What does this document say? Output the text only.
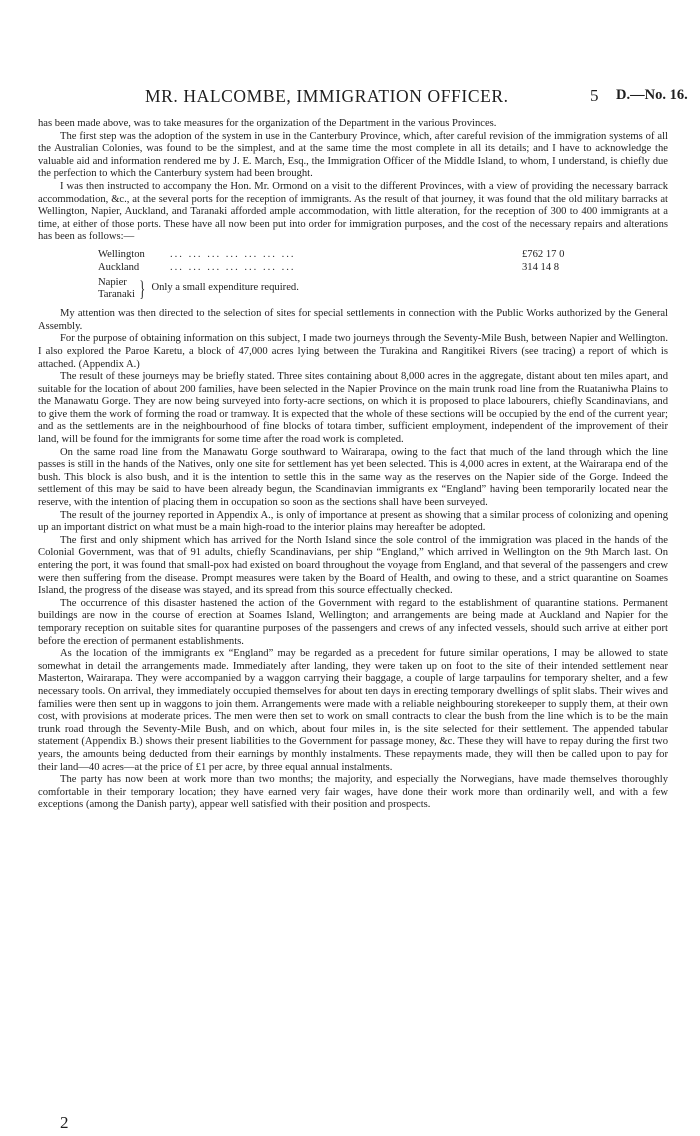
MR. HALCOMBE, IMMIGRATION OFFICER.	5 D.—No. 16.

has been made above, was to take measures for the organization of the Department in the various Provinces.

The first step was the adoption of the system in use in the Canterbury Province, which, after careful revision of the immigration systems of all the Australian Colonies, was found to be the simplest, and at the same time the most complete in all its details; and I have to acknowledge the valuable aid and information rendered me by J. E. March, Esq., the Immigration Officer of the Middle Island, to whom, I understand, is chiefly due the perfection to which the Canterbury system had been brought.

I was then instructed to accompany the Hon. Mr. Ormond on a visit to the different Provinces, with a view of providing the necessary barrack accommodation, &c., at the several ports for the reception of immigrants. As the result of that journey, it was found that the old military barracks at Wellington, Napier, Auckland, and Taranaki afforded ample accommodation, with little alteration, for the reception of 300 to 400 immigrants at a time, at either of those ports. These have all now been put into order for immigration purposes, and the cost of the necessary repairs and alterations has been as follows:—

Wellington	... ... ... ... ... ... ...	£762 17 0
Auckland	... ... ... ... ... ... ...	314 14 8
Napier
Taranaki } Only a small expenditure required.

My attention was then directed to the selection of sites for special settlements in connection with the Public Works authorized by the General Assembly.

For the purpose of obtaining information on this subject, I made two journeys through the Seventy-Mile Bush, between Napier and Wellington. I also explored the Paroe Karetu, a block of 47,000 acres lying between the Turakina and Rangitikei Rivers (see tracing) a report of which is attached. (Appendix A.)

The result of these journeys may be briefly stated. Three sites containing about 8,000 acres in the aggregate, distant about ten miles apart, and suitable for the location of about 200 families, have been selected in the Napier Province on the main trunk road line from the Ruataniwha Plains to the Manawatu Gorge. They are now being surveyed into forty-acre sections, on which it is proposed to place labourers, chiefly Scandinavians, and to give them the work of forming the road or tramway. It is expected that the whole of these sections will be occupied by the end of the current year; and as the settlements are in the neighbourhood of fine blocks of totara timber, sufficient employment, independent of the improvement of their land, will be found for the immigrants for some time after the road work is completed.

On the same road line from the Manawatu Gorge southward to Wairarapa, owing to the fact that much of the land through which the line passes is still in the hands of the Natives, only one site for settlement has yet been selected. This is 4,000 acres in extent, at the Wairarapa end of the bush. This block is also bush, and it is the intention to settle this in the same way as the reserves on the Napier side of the Gorge. Indeed the settlement of this may be said to have been already begun, the Scandinavian immigrants ex “England” having been temporarily located near the reserve, with the intention of placing them in occupation so soon as the sections shall have been surveyed.

The result of the journey reported in Appendix A., is only of importance at present as showing that a similar process of colonizing and opening up an important district on what must be a main high-road to the interior plains may hereafter be adopted.

The first and only shipment which has arrived for the North Island since the sole control of the immigration was placed in the hands of the Colonial Government, was that of 91 adults, chiefly Scandinavians, per ship “England,” which arrived in Wellington on the 9th March last. On entering the port, it was found that small-pox had existed on board throughout the voyage from England, and that several of the passengers and crew were then suffering from the disease. Prompt measures were taken by the Board of Health, and owing to these, and a strict quarantine on Soames Island, the progress of the disease was stayed, and its spread from this source effectually checked.

The occurrence of this disaster hastened the action of the Government with regard to the establishment of quarantine stations. Permanent buildings are now in the course of erection at Soames Island, Wellington; and arrangements are being made at Auckland and Napier for the temporary reception on suitable sites for quarantine purposes of the passengers and crews of any infected vessels, should such arrive at either port before the erection of permanent establishments.

As the location of the immigrants ex “England” may be regarded as a precedent for future similar operations, I may be allowed to state somewhat in detail the arrangements made. Immediately after landing, they were taken up on foot to the site of their intended settlement near Masterton, Wairarapa. They were accompanied by a waggon carrying their baggage, a couple of large tarpaulins for temporary shelter, and a few necessary tools. On arrival, they immediately occupied themselves for about ten days in erecting temporary dwellings of split slabs. Their wives and families were then sent up in waggons to join them. Arrangements were made with a reliable neighbouring storekeeper to supply them, at their own cost, with provisions at moderate prices. The men were then set to work on small contracts to clear the bush from the line which is to be the main trunk road through the Seventy-Mile Bush, and on which, about four miles in, is the site selected for their settlement. The appended tabular statement (Appendix B.) shows their present liabilities to the Government for passage money, &c. These they will have to repay during the first two years, the amounts being deducted from their earnings by monthly instalments. These repayments made, they will then be called upon to pay for their land—40 acres—at the price of £1 per acre, by three equal annual instalments.

The party has now been at work more than two months; the majority, and especially the Norwegians, have made themselves thoroughly comfortable in their temporary location; they have earned very fair wages, have done their work more than ordinarily well, and with a few exceptions (among the Danish party), appear well satisfied with their position and prospects.

2
